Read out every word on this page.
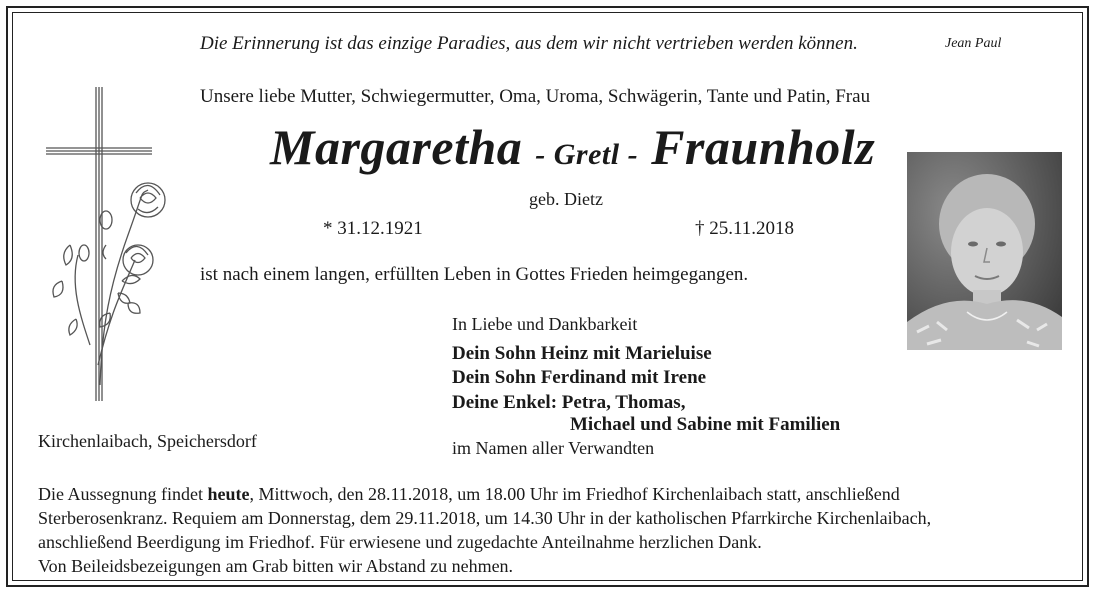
Die Erinnerung ist das einzige Paradies, aus dem wir nicht vertrieben werden können.	Jean Paul
Unsere liebe Mutter, Schwiegermutter, Oma, Uroma, Schwägerin, Tante und Patin, Frau
Margaretha - Gretl - Fraunholz
geb. Dietz
* 31.12.1921	† 25.11.2018
ist nach einem langen, erfüllten Leben in Gottes Frieden heimgegangen.
In Liebe und Dankbarkeit
Dein Sohn Heinz mit Marieluise
Dein Sohn Ferdinand mit Irene
Deine Enkel: Petra, Thomas,
Michael und Sabine mit Familien
im Namen aller Verwandten
Kirchenlaibach, Speichersdorf
Die Aussegnung findet heute, Mittwoch, den 28.11.2018, um 18.00 Uhr im Friedhof Kirchenlaibach statt, anschließend
Sterberosenkranz. Requiem am Donnerstag, dem 29.11.2018, um 14.30 Uhr in der katholischen Pfarrkirche Kirchenlaibach,
anschließend Beerdigung im Friedhof. Für erwiesene und zugedachte Anteilnahme herzlichen Dank.
Von Beileidsbezeigungen am Grab bitten wir Abstand zu nehmen.
